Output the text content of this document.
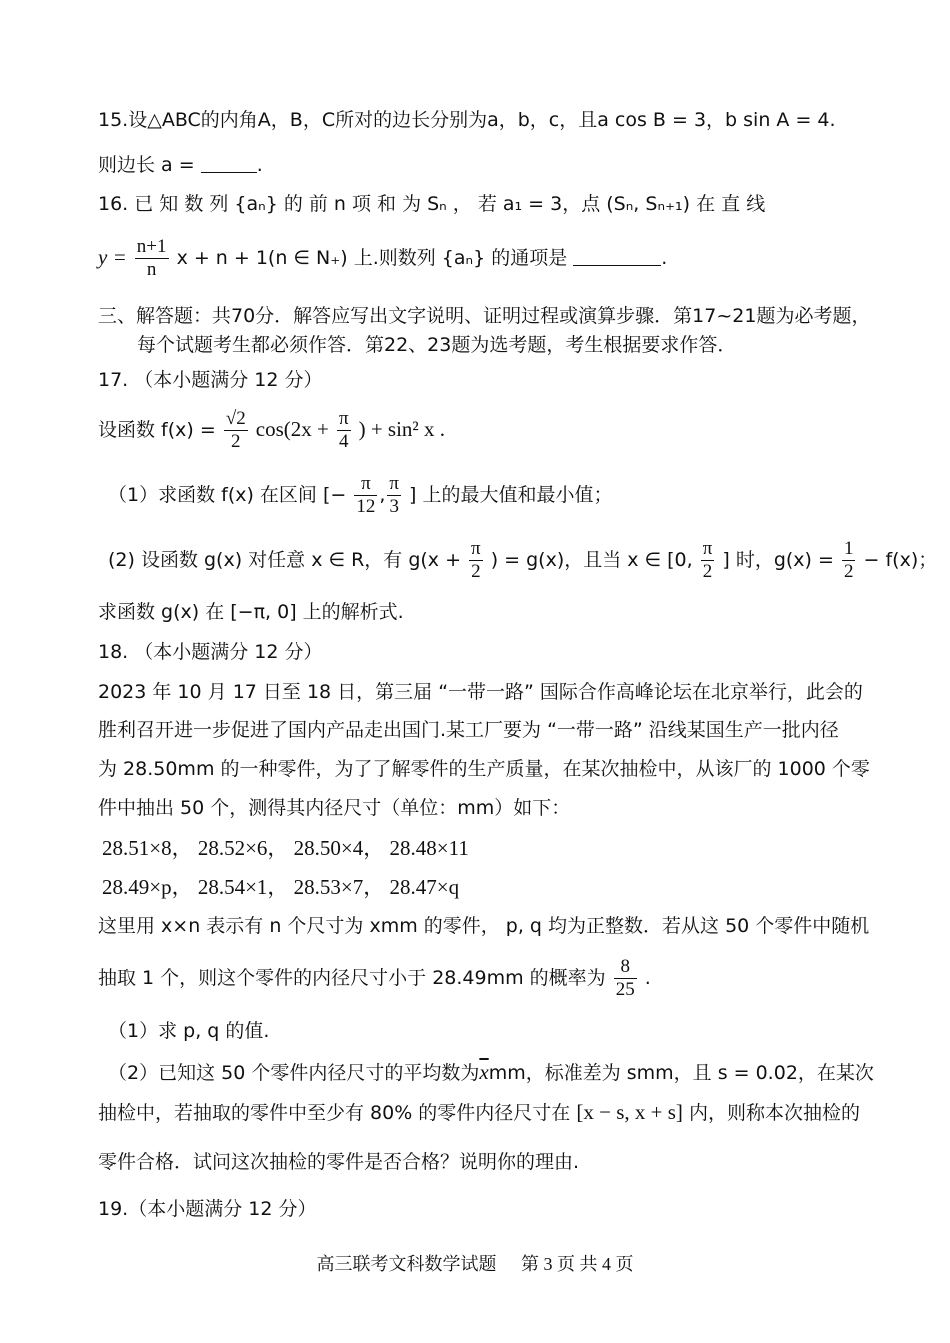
15.设△ABC的内角A，B，C所对的边长分别为a，b，c，且a cos B = 3，b sin A = 4.
则边长 a =	.
16. 已 知 数 列 {aₙ} 的 前 n 项 和 为 Sₙ ， 若 a₁ = 3，点 (Sₙ, Sₙ₊₁) 在 直 线
$y = \frac{n+1}{n}$ x + n + 1(n ∈ N₊) 上.则数列 {aₙ} 的通项是	.
三、解答题：共70分．解答应写出文字说明、证明过程或演算步骤．第17~21题为必考题，
每个试题考生都必须作答．第22、23题为选考题，考生根据要求作答．
17. （本小题满分 12 分）
设函数 $f(x) = \frac{√2}{2} \cos(2x + \frac{\pi}{4}$ ) + sin² x .
（1）求函数 f(x) 在区间 [− $\frac{\pi}{12}$ , $\frac{\pi}{3}$ ] 上的最大值和最小值；
(2) 设函数 g(x) 对任意 x ∈ R，有 $g(x + \frac{\pi}{2}$ ) = g(x)，且当 x ∈ [0, $\frac{\pi}{2}$ ] 时，$g(x) = \frac{1}{2} - f(x)$；
求函数 g(x) 在 [−π, 0] 上的解析式.
18. （本小题满分 12 分）
2023 年 10 月 17 日至 18 日，第三届 “一带一路” 国际合作高峰论坛在北京举行，此会的
胜利召开进一步促进了国内产品走出国门.某工厂要为 “一带一路” 沿线某国生产一批内径
为 28.50mm 的一种零件，为了了解零件的生产质量，在某次抽检中，从该厂的 1000 个零
件中抽出 50 个，测得其内径尺寸（单位：mm）如下：
28.51×8， 28.52×6， 28.50×4， 28.48×11
28.49×p， 28.54×1， 28.53×7， 28.47×q
这里用 x×n 表示有 n 个尺寸为 xmm 的零件， p, q 均为正整数．若从这 50 个零件中随机
抽取 1 个，则这个零件的内径尺寸小于 28.49mm 的概率为 $\frac{8}{25}$ .
（1）求 p, q 的值.
（2）已知这 50 个零件内径尺寸的平均数为$\overline{x}mm$，标准差为 smm，且 s = 0.02，在某次
抽检中，若抽取的零件中至少有 80% 的零件内径尺寸在 [x − s, x + s] 内，则称本次抽检的
零件合格．试问这次抽检的零件是否合格？说明你的理由.
19.（本小题满分 12 分）
高三联考文科数学试题 第 3 页 共 4 页
